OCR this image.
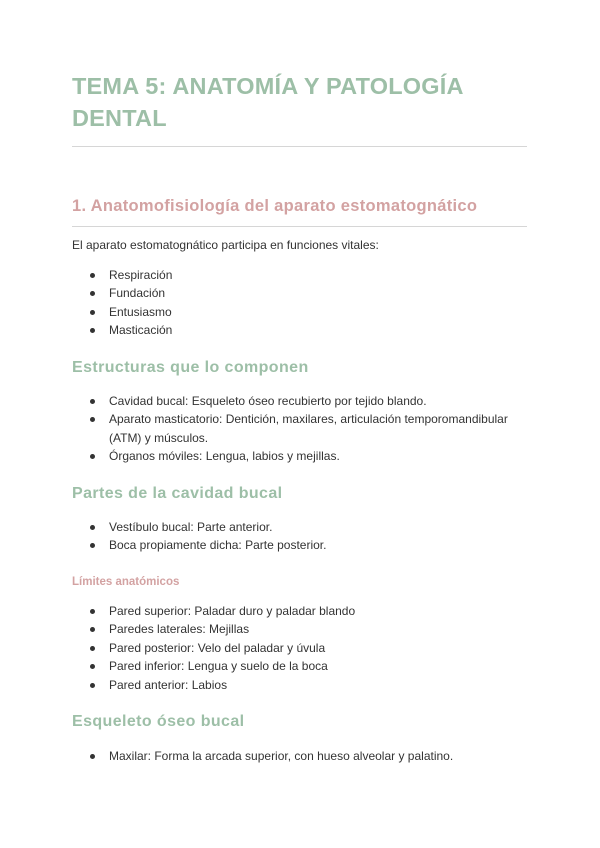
TEMA 5: ANATOMÍA Y PATOLOGÍA DENTAL
1. Anatomofisiología del aparato estomatognático

El aparato estomatognático participa en funciones vitales:

Respiración
Fundación
Entusiasmo
Masticación
Estructuras que lo componen
Cavidad bucal: Esqueleto óseo recubierto por tejido blando.
Aparato masticatorio: Dentición, maxilares, articulación temporomandibular (ATM) y músculos.
Órganos móviles: Lengua, labios y mejillas.
Partes de la cavidad bucal
Vestíbulo bucal: Parte anterior.
Boca propiamente dicha: Parte posterior.
Límites anatómicos
Pared superior: Paladar duro y paladar blando
Paredes laterales: Mejillas
Pared posterior: Velo del paladar y úvula
Pared inferior: Lengua y suelo de la boca
Pared anterior: Labios
Esqueleto óseo bucal
Maxilar: Forma la arcada superior, con hueso alveolar y palatino.
